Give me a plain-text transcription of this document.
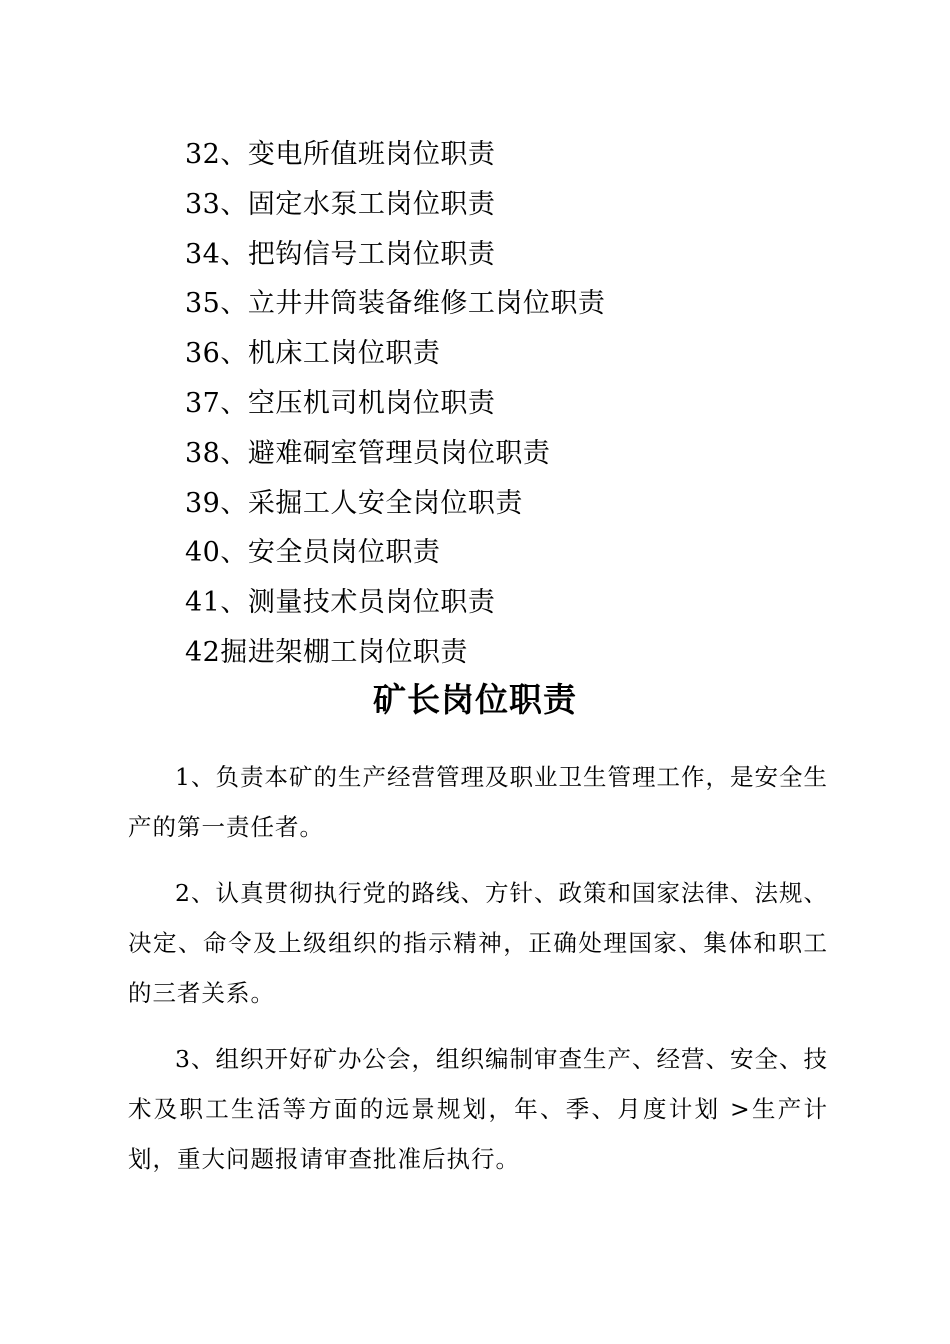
32、变电所值班岗位职责
33、固定水泵工岗位职责
34、把钩信号工岗位职责
35、立井井筒装备维修工岗位职责
36、机床工岗位职责
37、空压机司机岗位职责
38、避难硐室管理员岗位职责
39、采掘工人安全岗位职责
40、安全员岗位职责
41、测量技术员岗位职责
42掘进架棚工岗位职责
矿长岗位职责

1、负责本矿的生产经营管理及职业卫生管理工作，是安全生产的第一责任者。

2、认真贯彻执行党的路线、方针、政策和国家法律、法规、决定、命令及上级组织的指示精神，正确处理国家、集体和职工的三者关系。

3、组织开好矿办公会，组织编制审查生产、经营、安全、技术及职工生活等方面的远景规划，年、季、月度计划 >生产计划，重大问题报请审查批准后执行。
